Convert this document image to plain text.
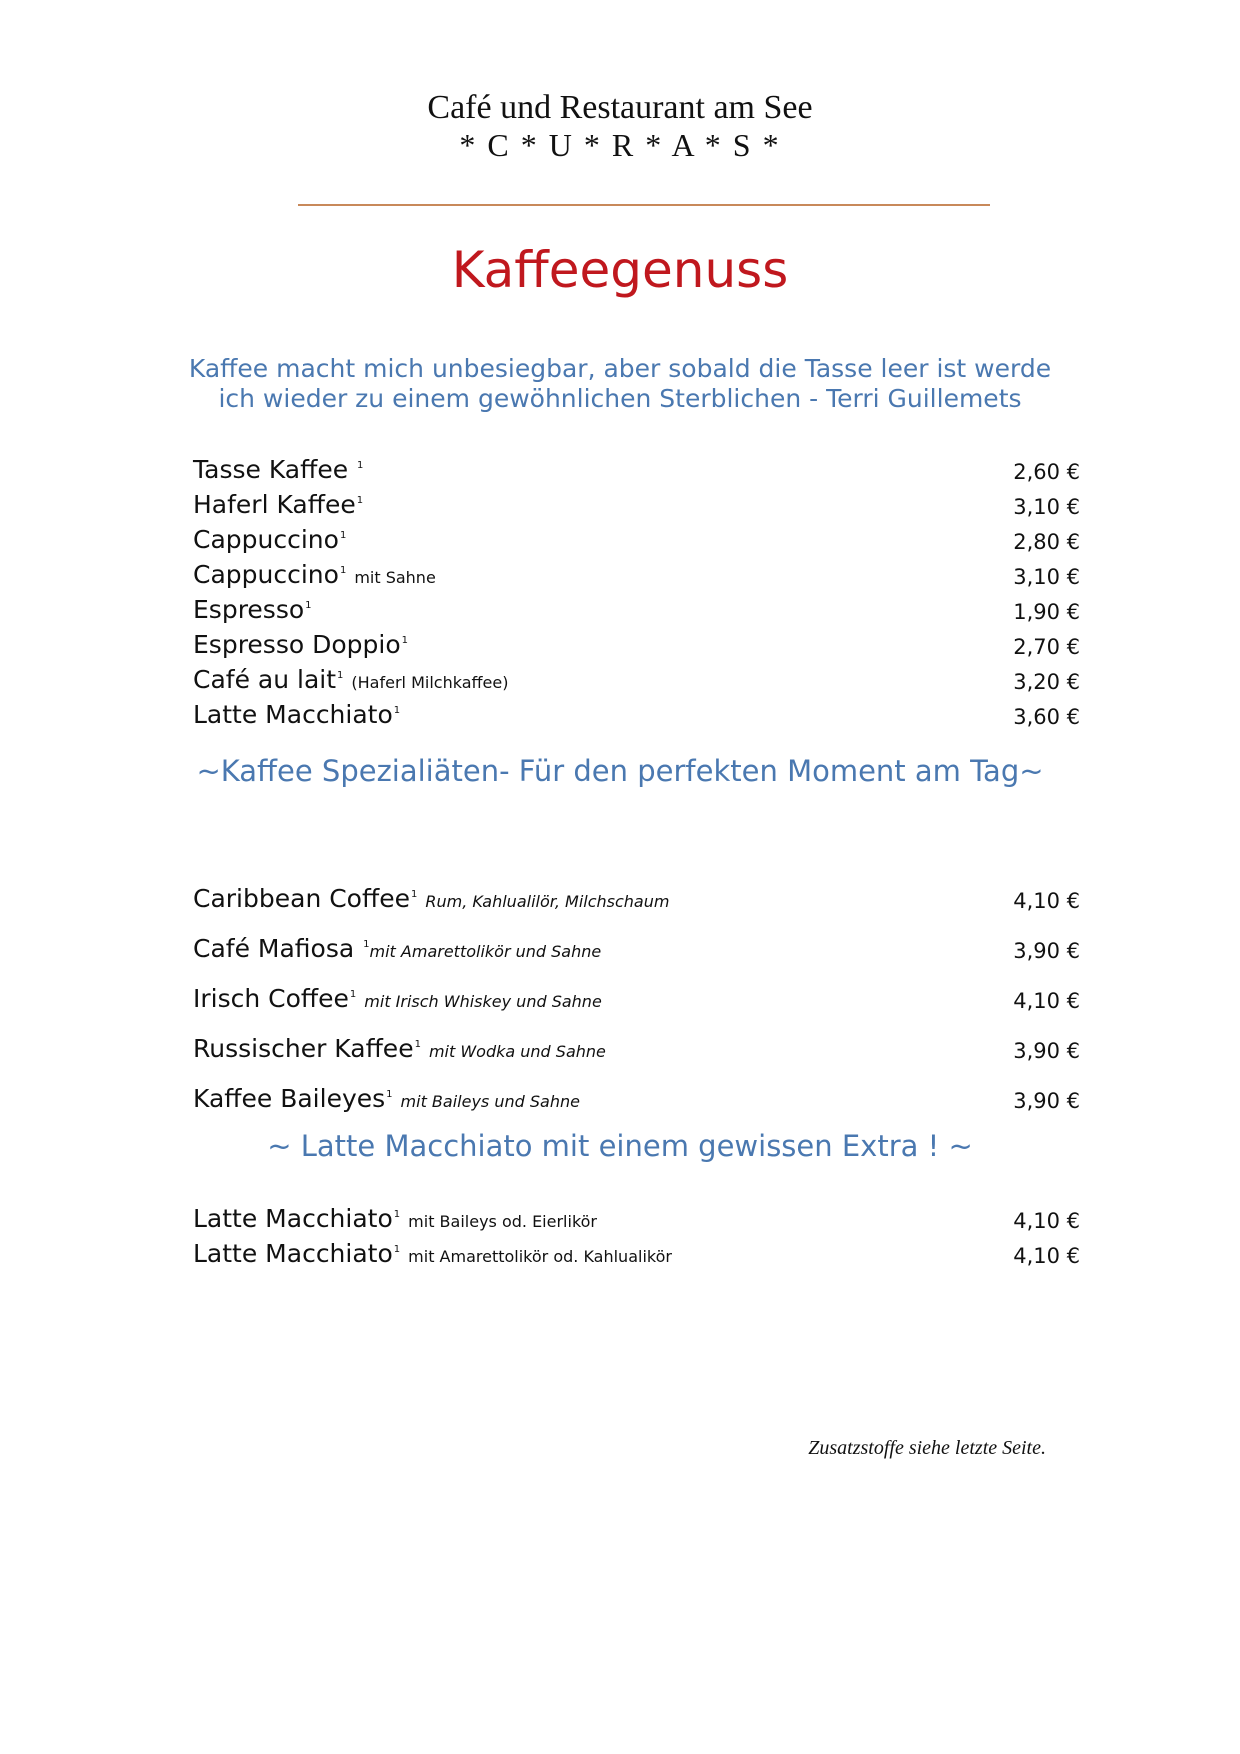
Café und Restaurant am See
* C * U * R * A * S *
Kaffeegenuss
Kaffee macht mich unbesiegbar, aber sobald die Tasse leer ist werde
ich wieder zu einem gewöhnlichen Sterblichen - Terri Guillemets
Tasse Kaffee $^1$	2,60 €
Haferl Kaffee$^1$	3,10 €
Cappuccino$^1$	2,80 €
Cappuccino$^1$ mit Sahne	3,10 €
Espresso$^1$	1,90 €
Espresso Doppio$^1$	2,70 €
Café au lait$^1$ (Haferl Milchkaffee)	3,20 €
Latte Macchiato$^1$	3,60 €
~Kaffee Spezialiäten- Für den perfekten Moment am Tag~
Caribbean Coffee$^1$ Rum, Kahlualilör, Milchschaum	4,10 €
Café Mafiosa $^1$mit Amarettolikör und Sahne	3,90 €
Irisch Coffee$^1$ mit Irisch Whiskey und Sahne	4,10 €
Russischer Kaffee$^1$ mit Wodka und Sahne	3,90 €
Kaffee Baileyes$^1$ mit Baileys und Sahne	3,90 €
~ Latte Macchiato mit einem gewissen Extra ! ~
Latte Macchiato$^1$ mit Baileys od. Eierlikör	4,10 €
Latte Macchiato$^1$ mit Amarettolikör od. Kahlualikör	4,10 €
Zusatzstoffe siehe letzte Seite.
